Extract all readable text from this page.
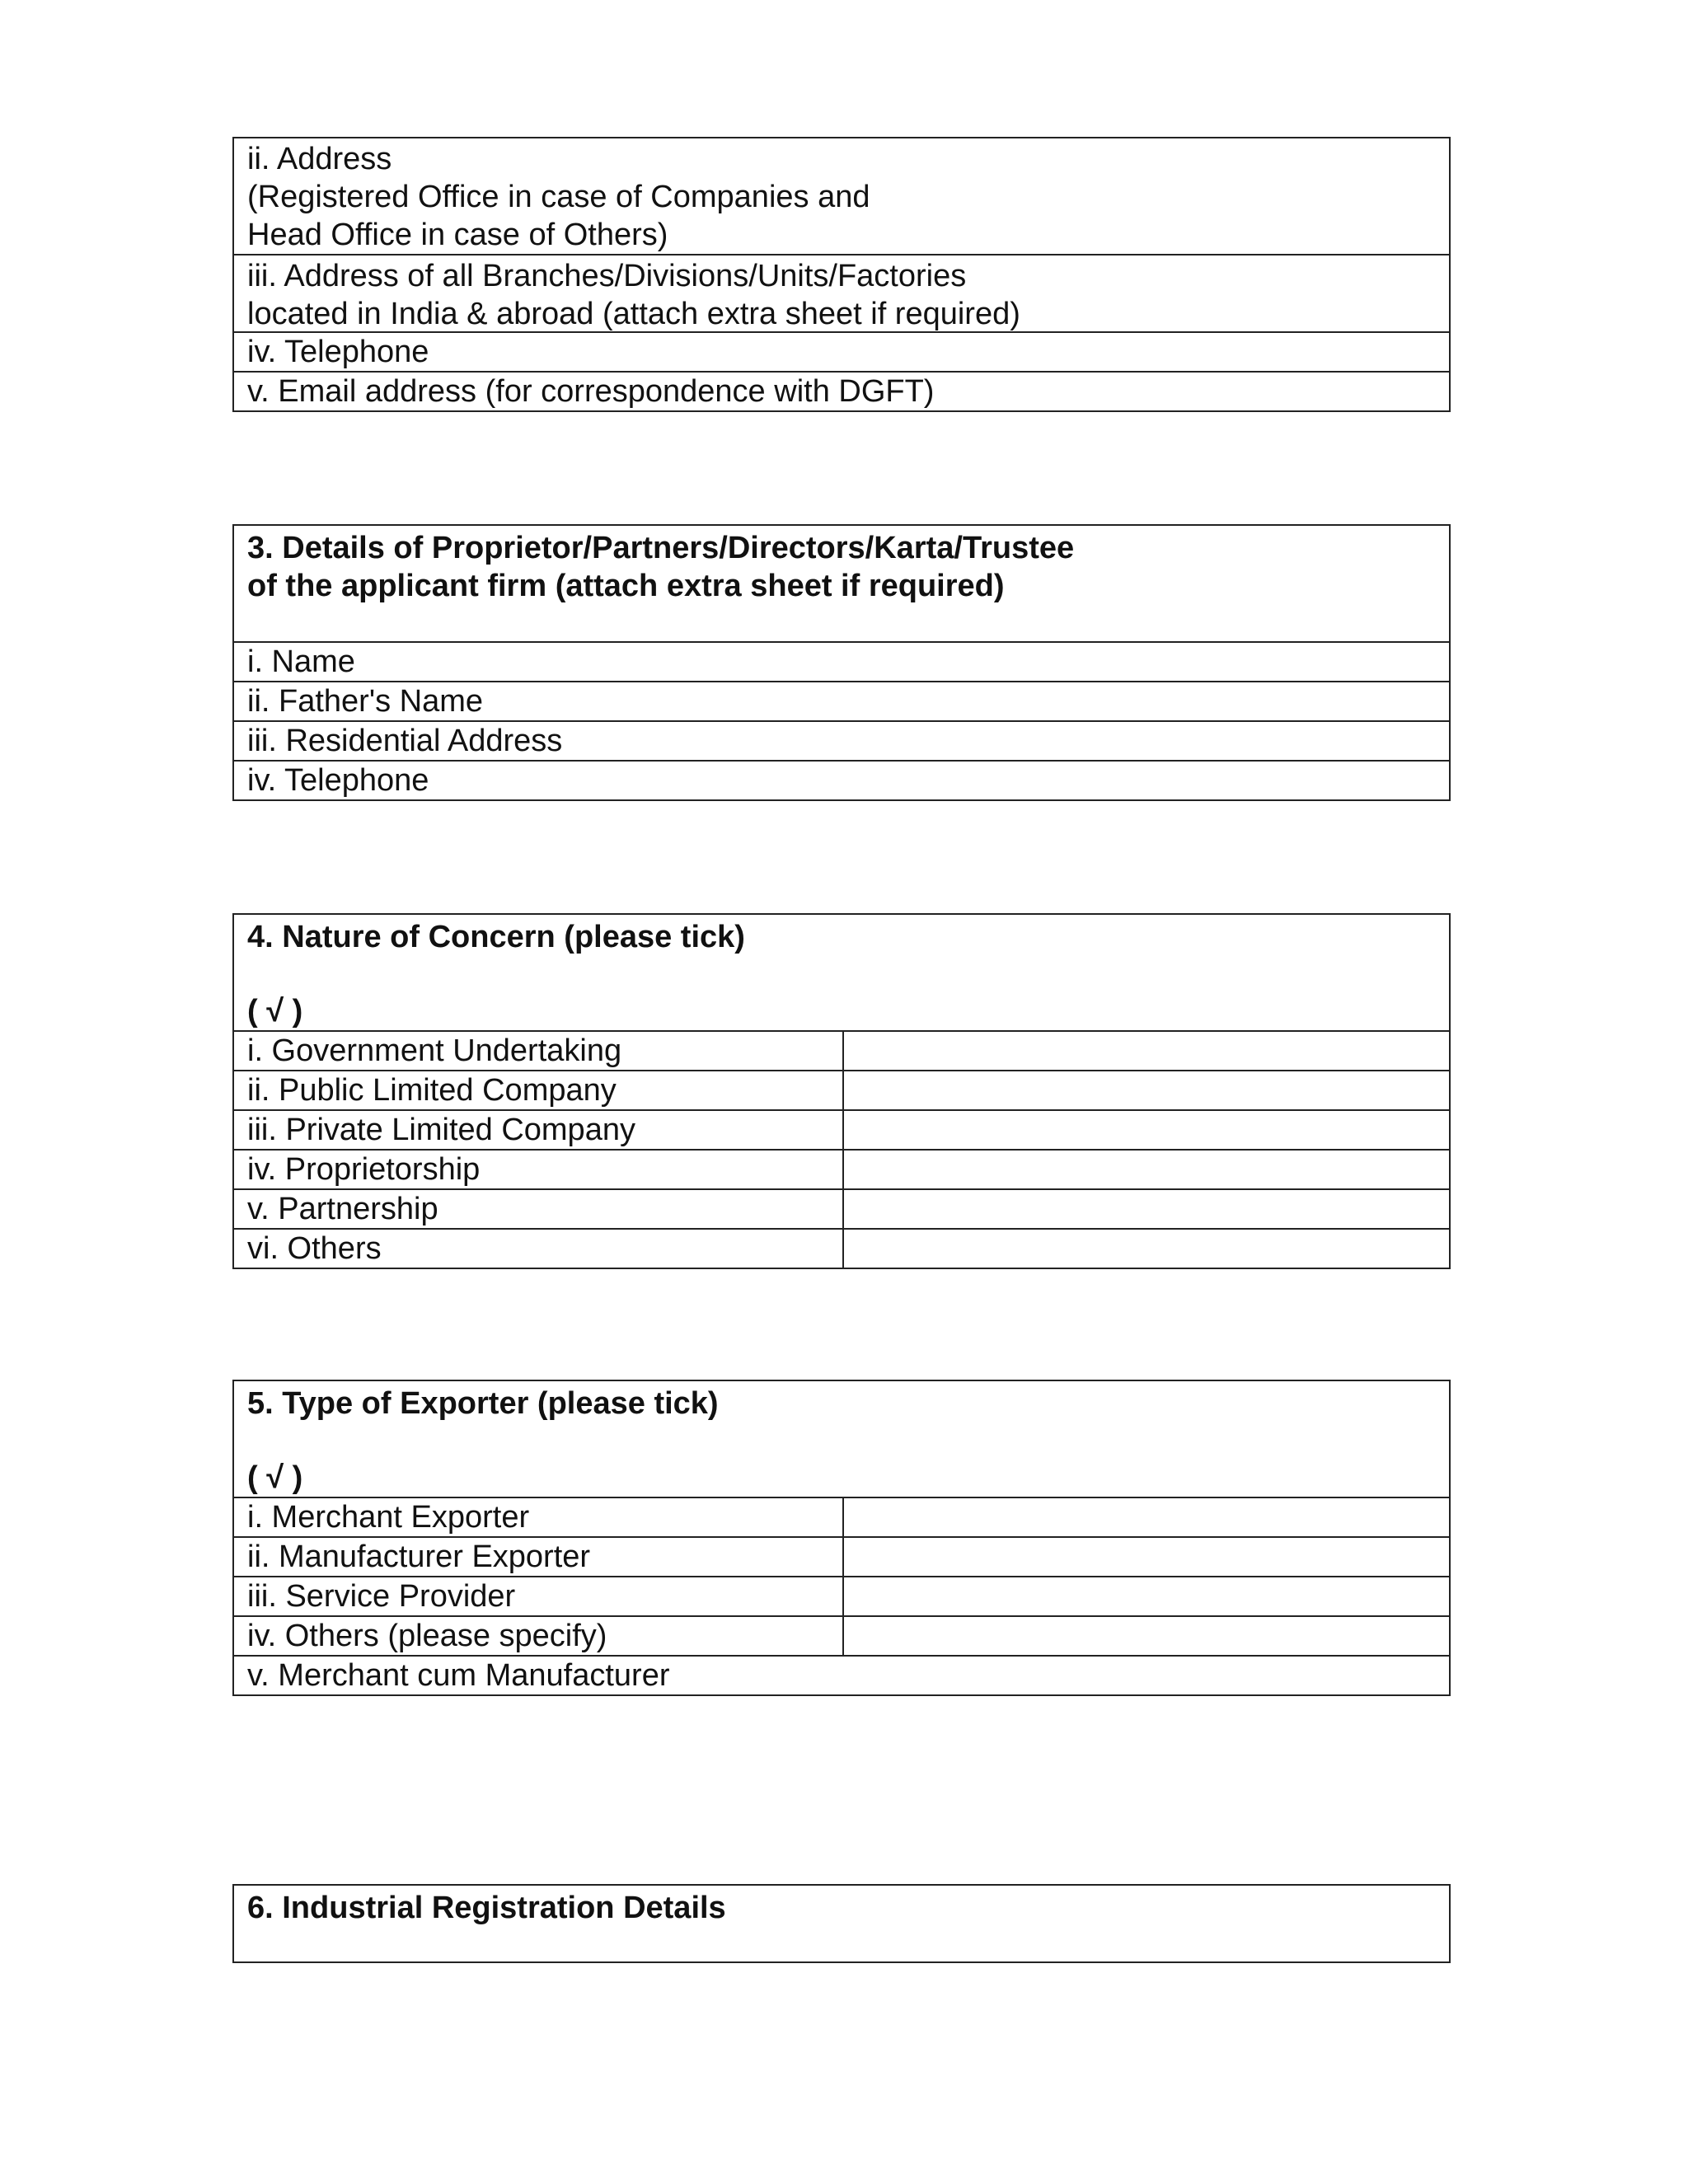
ii. Address
(Registered Office in case of Companies and
Head Office in case of Others)
iii. Address of all Branches/Divisions/Units/Factories
located in India & abroad (attach extra sheet if required)
iv. Telephone
v. Email address (for correspondence with DGFT)
3. Details of Proprietor/Partners/Directors/Karta/Trustee
of the applicant firm (attach extra sheet if required)
i. Name
ii. Father's Name
iii. Residential Address
iv. Telephone
4. Nature of Concern (please tick)
( √ )
i. Government Undertaking
ii. Public Limited Company
iii. Private Limited Company
iv. Proprietorship
v. Partnership
vi. Others
5. Type of Exporter (please tick)
( √ )
i. Merchant Exporter
ii. Manufacturer Exporter
iii. Service Provider
iv. Others (please specify)
v. Merchant cum Manufacturer
6. Industrial Registration Details
